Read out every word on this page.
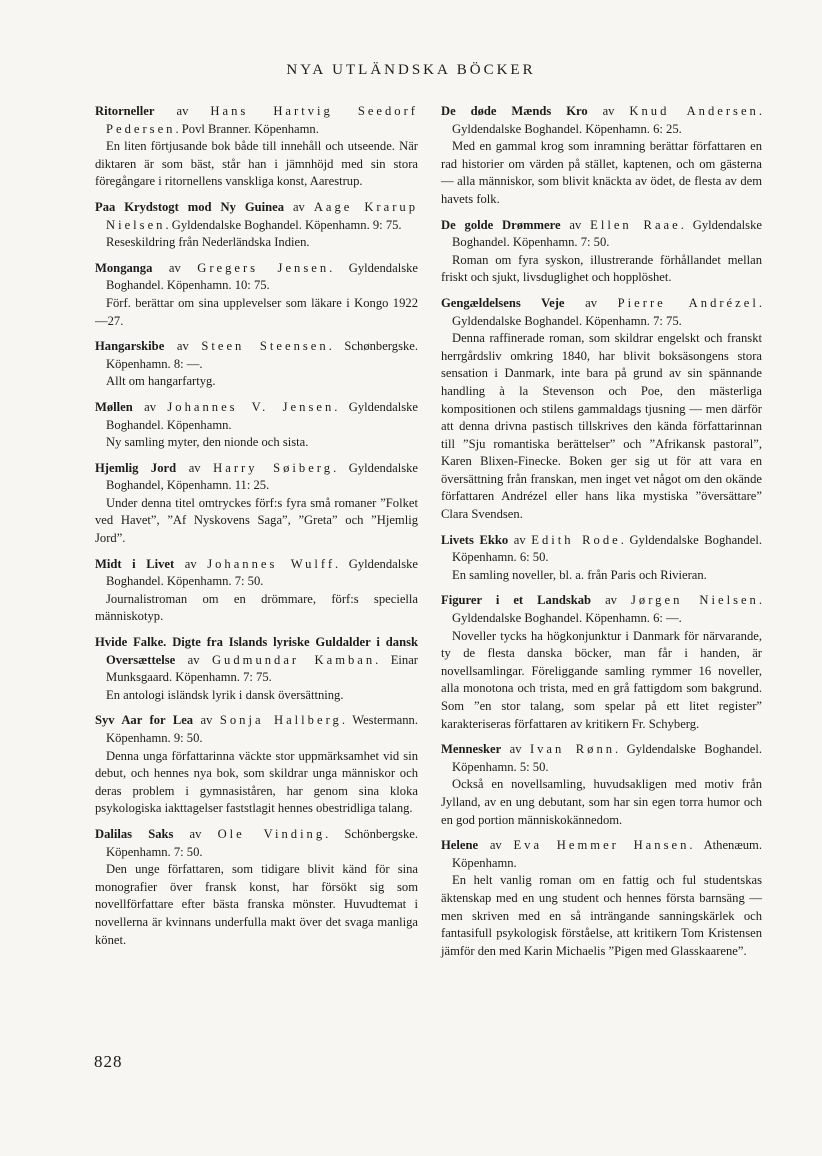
NYA UTLÄNDSKA BÖCKER
Ritorneller av Hans Hartvig Seedorf Pedersen. Povl Branner. Köpenhamn.
En liten förtjusande bok både till innehåll och utseende. När diktaren är som bäst, står han i jämnhöjd med sin stora föregångare i ritornellens vanskliga konst, Aarestrup.
Paa Krydstogt mod Ny Guinea av Aage Krarup Nielsen. Gyldendalske Boghandel. Köpenhamn. 9: 75.
Reseskildring från Nederländska Indien.
Monganga av Gregers Jensen. Gyldendalske Boghandel. Köpenhamn. 10: 75.
Förf. berättar om sina upplevelser som läkare i Kongo 1922—27.
Hangarskibe av Steen Steensen. Schønbergske. Köpenhamn. 8: —.
Allt om hangarfartyg.
Møllen av Johannes V. Jensen. Gyldendalske Boghandel. Köpenhamn.
Ny samling myter, den nionde och sista.
Hjemlig Jord av Harry Søiberg. Gyldendalske Boghandel, Köpenhamn. 11: 25.
Under denna titel omtryckes förf:s fyra små romaner ”Folket ved Havet”, ”Af Nyskovens Saga”, ”Greta” och ”Hjemlig Jord”.
Midt i Livet av Johannes Wulff. Gyldendalske Boghandel. Köpenhamn. 7: 50.
Journalistroman om en drömmare, förf:s speciella människotyp.
Hvide Falke. Digte fra Islands lyriske Guldalder i dansk Oversættelse av Gudmundar Kamban. Einar Munksgaard. Köpenhamn. 7: 75.
En antologi isländsk lyrik i dansk översättning.
Syv Aar for Lea av Sonja Hallberg. Westermann. Köpenhamn. 9: 50.
Denna unga författarinna väckte stor uppmärksamhet vid sin debut, och hennes nya bok, som skildrar unga människor och deras problem i gymnasiståren, har genom sina kloka psykologiska iakttagelser faststlagit hennes obestridliga talang.
Dalilas Saks av Ole Vinding. Schönbergske. Köpenhamn. 7: 50.
Den unge författaren, som tidigare blivit känd för sina monografier över fransk konst, har försökt sig som novellförfattare efter bästa franska mönster. Huvudtemat i novellerna är kvinnans underfulla makt över det svaga manliga könet.
De døde Mænds Kro av Knud Andersen. Gyldendalske Boghandel. Köpenhamn. 6: 25.
Med en gammal krog som inramning berättar författaren en rad historier om värden på stället, kaptenen, och om gästerna — alla människor, som blivit knäckta av ödet, de flesta av dem havets folk.
De golde Drømmere av Ellen Raae. Gyldendalske Boghandel. Köpenhamn. 7: 50.
Roman om fyra syskon, illustrerande förhållandet mellan friskt och sjukt, livsduglighet och hopplöshet.
Gengældelsens Veje av Pierre Andrézel. Gyldendalske Boghandel. Köpenhamn. 7: 75.
Denna raffinerade roman, som skildrar engelskt och franskt herrgårdsliv omkring 1840, har blivit boksäsongens stora sensation i Danmark, inte bara på grund av sin spännande handling à la Stevenson och Poe, den mästerliga kompositionen och stilens gammaldags tjusning — men därför att denna drivna pastisch tillskrives den kända författarinnan till ”Sju romantiska berättelser” och ”Afrikansk pastoral”, Karen Blixen-Finecke. Boken ger sig ut för att vara en översättning från franskan, men inget vet något om den okände författaren Andrézel eller hans lika mystiska ”översättare” Clara Svendsen.
Livets Ekko av Edith Rode. Gyldendalske Boghandel. Köpenhamn. 6: 50.
En samling noveller, bl. a. från Paris och Rivieran.
Figurer i et Landskab av Jørgen Nielsen. Gyldendalske Boghandel. Köpenhamn. 6: —.
Noveller tycks ha högkonjunktur i Danmark för närvarande, ty de flesta danska böcker, man får i handen, är novellsamlingar. Föreliggande samling rymmer 16 noveller, alla monotona och trista, med en grå fattigdom som bakgrund. Som ”en stor talang, som spelar på ett litet register” karakteriseras författaren av kritikern Fr. Schyberg.
Mennesker av Ivan Rønn. Gyldendalske Boghandel. Köpenhamn. 5: 50.
Också en novellsamling, huvudsakligen med motiv från Jylland, av en ung debutant, som har sin egen torra humor och en god portion människokännedom.
Helene av Eva Hemmer Hansen. Athenæum. Köpenhamn.
En helt vanlig roman om en fattig och ful studentskas äktenskap med en ung student och hennes första barnsäng — men skriven med en så inträngande sanningskärlek och fantasifull psykologisk förståelse, att kritikern Tom Kristensen jämför den med Karin Michaelis ”Pigen med Glasskaarene”.
828
